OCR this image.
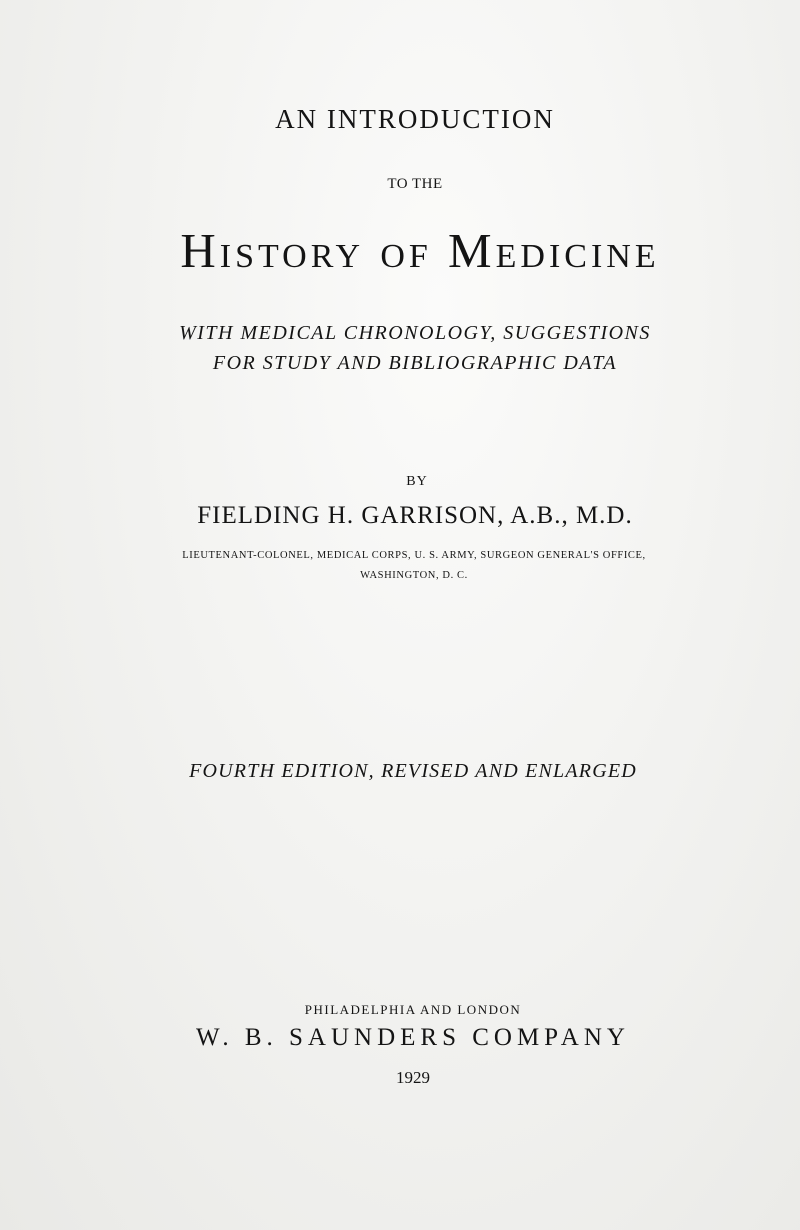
AN INTRODUCTION
TO THE
History of Medicine
WITH MEDICAL CHRONOLOGY, SUGGESTIONS
FOR STUDY AND BIBLIOGRAPHIC DATA
BY
FIELDING H. GARRISON, A.B., M.D.
LIEUTENANT-COLONEL, MEDICAL CORPS, U. S. ARMY, SURGEON GENERAL'S OFFICE,
WASHINGTON, D. C.
FOURTH EDITION, REVISED AND ENLARGED
PHILADELPHIA AND LONDON
W. B. SAUNDERS COMPANY
1929
